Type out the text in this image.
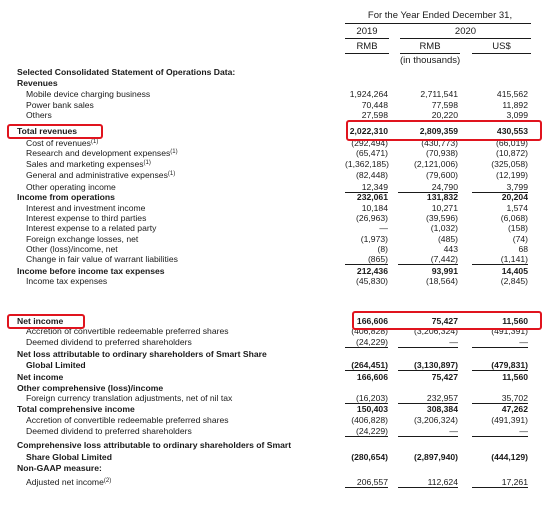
For the Year Ended December 31,
2019	2020
RMB	RMB	US$
(in thousands)
Selected Consolidated Statement of Operations Data:
Revenues
Mobile device charging business	1,924,264	2,711,541	415,562
Power bank sales	70,448	77,598	11,892
Others	27,598	20,220	3,099
Total revenues	2,022,310	2,809,359	430,553
Cost of revenues$^{(1)}$	(292,494)	(430,773)	(66,019)
Research and development expenses$^{(1)}$	(65,471)	(70,938)	(10,872)
Sales and marketing expenses$^{(1)}$	(1,362,185)	(2,121,006)	(325,058)
General and administrative expenses$^{(1)}$	(82,448)	(79,600)	(12,199)
Other operating income	12,349	24,790	3,799
Income from operations	232,061	131,832	20,204
Interest and investment income	10,184	10,271	1,574
Interest expense to third parties	(26,963)	(39,596)	(6,068)
Interest expense to a related party	—	(1,032)	(158)
Foreign exchange losses, net	(1,973)	(485)	(74)
Other (loss)/income, net	(8)	443	68
Change in fair value of warrant liabilities	(865)	(7,442)	(1,141)
Income before income tax expenses	212,436	93,991	14,405
Income tax expenses	(45,830)	(18,564)	(2,845)
Net income	166,606	75,427	11,560
Accretion of convertible redeemable preferred shares	(406,828)	(3,206,324)	(491,391)
Deemed dividend to preferred shareholders	(24,229)	—	—
Net loss attributable to ordinary shareholders of Smart Share
Global Limited	(264,451)	(3,130,897)	(479,831)
Net income	166,606	75,427	11,560
Other comprehensive (loss)/income
Foreign currency translation adjustments, net of nil tax	(16,203)	232,957	35,702
Total comprehensive income	150,403	308,384	47,262
Accretion of convertible redeemable preferred shares	(406,828)	(3,206,324)	(491,391)
Deemed dividend to preferred shareholders	(24,229)	—	—
Comprehensive loss attributable to ordinary shareholders of Smart
Share Global Limited	(280,654)	(2,897,940)	(444,129)
Non-GAAP measure:
Adjusted net income$^{(2)}$	206,557	112,624	17,261
